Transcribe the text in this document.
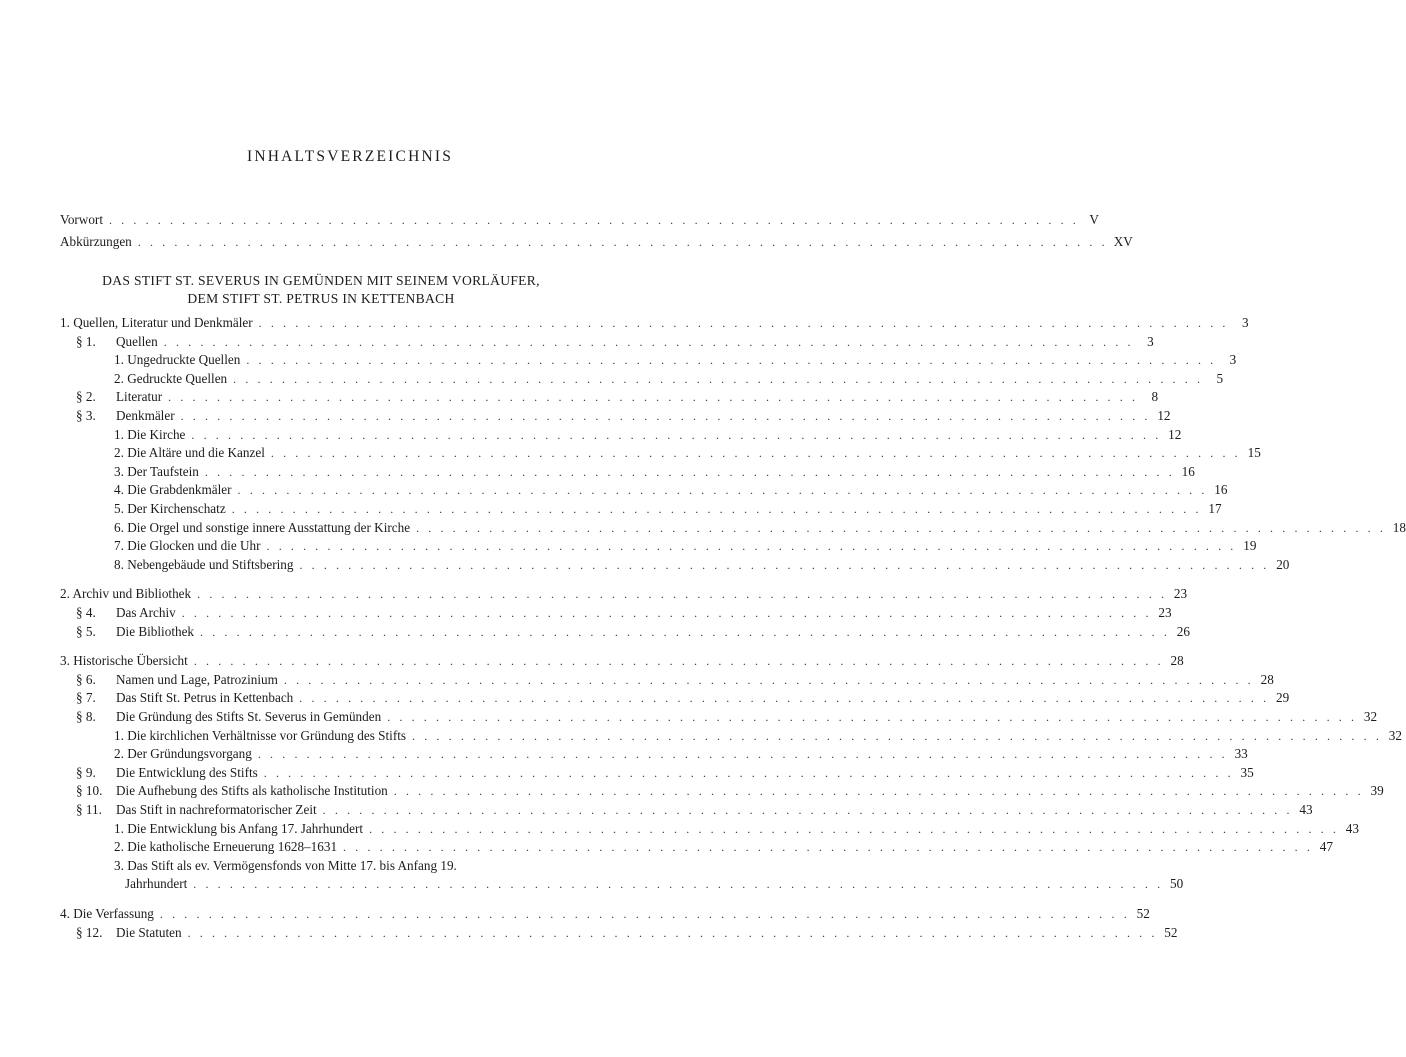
INHALTSVERZEICHNIS
Vorwort . . . . . . . . . . . . . . . . . . . . . . . . . . . . . . . . . . . . . . . . . . . . . . . . . . . . . . . . . . . . . . . . . . . . . . . . . . . . . . . . V
Abkürzungen . . . . . . . . . . . . . . . . . . . . . . . . . . . . . . . . . . . . . . . . . . . . . . . . . . . . . . . . . . . . . . . . . . . . . . . . . . . . . . . . XV
DAS STIFT ST. SEVERUS IN GEMÜNDEN MIT SEINEM VORLÄUFER,
DEM STIFT ST. PETRUS IN KETTENBACH
1. Quellen, Literatur und Denkmäler . . . . . . . . . . . . . . . . . . . . . . . . . . . . . . . . . . . . . . . . . . . . . . . . . . . . . . . . . . . . . . . . . . . . . . . . . . . . . . . .	3
§ 1.	Quellen . . . . . . . . . . . . . . . . . . . . . . . . . . . . . . . . . . . . . . . . . . . . . . . . . . . . . . . . . . . . . . . . . . . . . . . . . . . . . . . .	3
1. Ungedruckte Quellen . . . . . . . . . . . . . . . . . . . . . . . . . . . . . . . . . . . . . . . . . . . . . . . . . . . . . . . . . . . . . . . . . . . . . . . . . . . . . . . .	3
2. Gedruckte Quellen . . . . . . . . . . . . . . . . . . . . . . . . . . . . . . . . . . . . . . . . . . . . . . . . . . . . . . . . . . . . . . . . . . . . . . . . . . . . . . . .	5
§ 2.	Literatur . . . . . . . . . . . . . . . . . . . . . . . . . . . . . . . . . . . . . . . . . . . . . . . . . . . . . . . . . . . . . . . . . . . . . . . . . . . . . . . .	8
§ 3.	Denkmäler . . . . . . . . . . . . . . . . . . . . . . . . . . . . . . . . . . . . . . . . . . . . . . . . . . . . . . . . . . . . . . . . . . . . . . . . . . . . . . . . 12
1. Die Kirche . . . . . . . . . . . . . . . . . . . . . . . . . . . . . . . . . . . . . . . . . . . . . . . . . . . . . . . . . . . . . . . . . . . . . . . . . . . . . . . . 12
2. Die Altäre und die Kanzel . . . . . . . . . . . . . . . . . . . . . . . . . . . . . . . . . . . . . . . . . . . . . . . . . . . . . . . . . . . . . . . . . . . . . . . . . . . . . . . . 15
3. Der Taufstein . . . . . . . . . . . . . . . . . . . . . . . . . . . . . . . . . . . . . . . . . . . . . . . . . . . . . . . . . . . . . . . . . . . . . . . . . . . . . . . . 16
4. Die Grabdenkmäler . . . . . . . . . . . . . . . . . . . . . . . . . . . . . . . . . . . . . . . . . . . . . . . . . . . . . . . . . . . . . . . . . . . . . . . . . . . . . . . . 16
5. Der Kirchenschatz . . . . . . . . . . . . . . . . . . . . . . . . . . . . . . . . . . . . . . . . . . . . . . . . . . . . . . . . . . . . . . . . . . . . . . . . . . . . . . . . 17
6. Die Orgel und sonstige innere Ausstattung der Kirche . . . . . . . . . . . . . . . . . . . . . . . . . . . . . . . . . . . . . . . . . . . . . . . . . . . . . . . . . . . . . . . . . . . . . . . . . . . . . . . . 18
7. Die Glocken und die Uhr . . . . . . . . . . . . . . . . . . . . . . . . . . . . . . . . . . . . . . . . . . . . . . . . . . . . . . . . . . . . . . . . . . . . . . . . . . . . . . . . 19
8. Nebengebäude und Stiftsbering . . . . . . . . . . . . . . . . . . . . . . . . . . . . . . . . . . . . . . . . . . . . . . . . . . . . . . . . . . . . . . . . . . . . . . . . . . . . . . . . 20
2. Archiv und Bibliothek . . . . . . . . . . . . . . . . . . . . . . . . . . . . . . . . . . . . . . . . . . . . . . . . . . . . . . . . . . . . . . . . . . . . . . . . . . . . . . . . 23
§ 4.	Das Archiv . . . . . . . . . . . . . . . . . . . . . . . . . . . . . . . . . . . . . . . . . . . . . . . . . . . . . . . . . . . . . . . . . . . . . . . . . . . . . . . . 23
§ 5.	Die Bibliothek . . . . . . . . . . . . . . . . . . . . . . . . . . . . . . . . . . . . . . . . . . . . . . . . . . . . . . . . . . . . . . . . . . . . . . . . . . . . . . . . 26
3. Historische Übersicht . . . . . . . . . . . . . . . . . . . . . . . . . . . . . . . . . . . . . . . . . . . . . . . . . . . . . . . . . . . . . . . . . . . . . . . . . . . . . . . . 28
§ 6.	Namen und Lage, Patrozinium . . . . . . . . . . . . . . . . . . . . . . . . . . . . . . . . . . . . . . . . . . . . . . . . . . . . . . . . . . . . . . . . . . . . . . . . . . . . . . . . 28
§ 7.	Das Stift St. Petrus in Kettenbach . . . . . . . . . . . . . . . . . . . . . . . . . . . . . . . . . . . . . . . . . . . . . . . . . . . . . . . . . . . . . . . . . . . . . . . . . . . . . . . . 29
§ 8.	Die Gründung des Stifts St. Severus in Gemünden . . . . . . . . . . . . . . . . . . . . . . . . . . . . . . . . . . . . . . . . . . . . . . . . . . . . . . . . . . . . . . . . . . . . . . . . . . . . . . . . 32
1. Die kirchlichen Verhältnisse vor Gründung des Stifts . . . . . . . . . . . . . . . . . . . . . . . . . . . . . . . . . . . . . . . . . . . . . . . . . . . . . . . . . . . . . . . . . . . . . . . . . . . . . . . . 32
2. Der Gründungsvorgang . . . . . . . . . . . . . . . . . . . . . . . . . . . . . . . . . . . . . . . . . . . . . . . . . . . . . . . . . . . . . . . . . . . . . . . . . . . . . . . . 33
§ 9.	Die Entwicklung des Stifts . . . . . . . . . . . . . . . . . . . . . . . . . . . . . . . . . . . . . . . . . . . . . . . . . . . . . . . . . . . . . . . . . . . . . . . . . . . . . . . . 35
§ 10.	Die Aufhebung des Stifts als katholische Institution . . . . . . . . . . . . . . . . . . . . . . . . . . . . . . . . . . . . . . . . . . . . . . . . . . . . . . . . . . . . . . . . . . . . . . . . . . . . . . . . 39
§ 11.	Das Stift in nachreformatorischer Zeit . . . . . . . . . . . . . . . . . . . . . . . . . . . . . . . . . . . . . . . . . . . . . . . . . . . . . . . . . . . . . . . . . . . . . . . . . . . . . . . . 43
1. Die Entwicklung bis Anfang 17. Jahrhundert . . . . . . . . . . . . . . . . . . . . . . . . . . . . . . . . . . . . . . . . . . . . . . . . . . . . . . . . . . . . . . . . . . . . . . . . . . . . . . . . 43
2. Die katholische Erneuerung 1628–1631 . . . . . . . . . . . . . . . . . . . . . . . . . . . . . . . . . . . . . . . . . . . . . . . . . . . . . . . . . . . . . . . . . . . . . . . . . . . . . . . . 47
3. Das Stift als ev. Vermögensfonds von Mitte 17. bis Anfang 19.
Jahrhundert . . . . . . . . . . . . . . . . . . . . . . . . . . . . . . . . . . . . . . . . . . . . . . . . . . . . . . . . . . . . . . . . . . . . . . . . . . . . . . . . 50
4. Die Verfassung . . . . . . . . . . . . . . . . . . . . . . . . . . . . . . . . . . . . . . . . . . . . . . . . . . . . . . . . . . . . . . . . . . . . . . . . . . . . . . . . 52
§ 12.	Die Statuten . . . . . . . . . . . . . . . . . . . . . . . . . . . . . . . . . . . . . . . . . . . . . . . . . . . . . . . . . . . . . . . . . . . . . . . . . . . . . . . . 52
